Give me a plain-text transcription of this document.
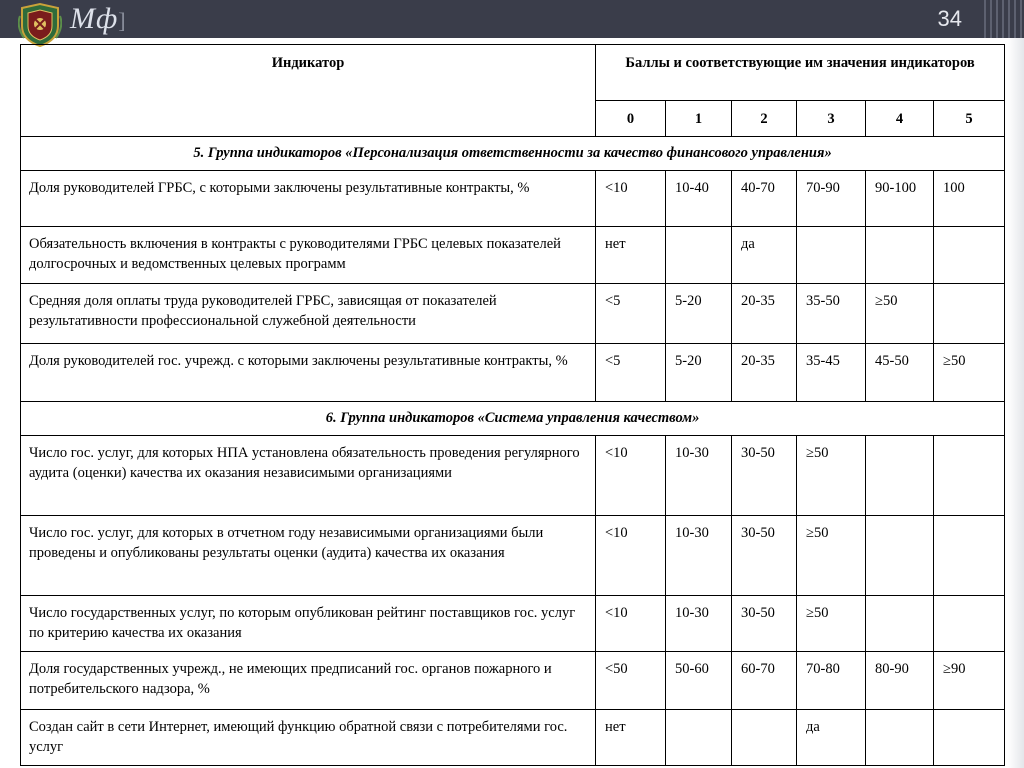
Мф]	34
Индикатор	Баллы и соответствующие им значения индикаторов					
	0	1	2	3	4	5
5. Группа индикаторов «Персонализация ответственности за качество финансового управления»						
Доля руководителей ГРБС, с которыми заключены результативные контракты, %	<10	10-40	40-70	70-90	90-100	100
Обязательность включения в контракты с руководителями ГРБС целевых показателей долгосрочных и ведомственных целевых программ	нет		да			
Средняя доля оплаты труда руководителей ГРБС, зависящая от показателей результативности профессиональной служебной деятельности	<5	5-20	20-35	35-50	≥50	
Доля руководителей гос. учрежд. с которыми заключены результативные контракты, %	<5	5-20	20-35	35-45	45-50	≥50
6. Группа индикаторов «Система управления качеством»						
Число гос. услуг, для которых НПА установлена обязательность проведения регулярного аудита (оценки) качества их оказания независимыми организациями	<10	10-30	30-50	≥50		
Число гос. услуг, для которых в отчетном году независимыми организациями были проведены и опубликованы результаты оценки (аудита) качества их оказания	<10	10-30	30-50	≥50		
Число государственных услуг, по которым опубликован рейтинг поставщиков гос. услуг по критерию качества их оказания	<10	10-30	30-50	≥50		
Доля государственных учрежд., не имеющих предписаний гос. органов пожарного и потребительского надзора, %	<50	50-60	60-70	70-80	80-90	≥90
Создан сайт в сети Интернет, имеющий функцию обратной связи с потребителями гос. услуг	нет			да		
